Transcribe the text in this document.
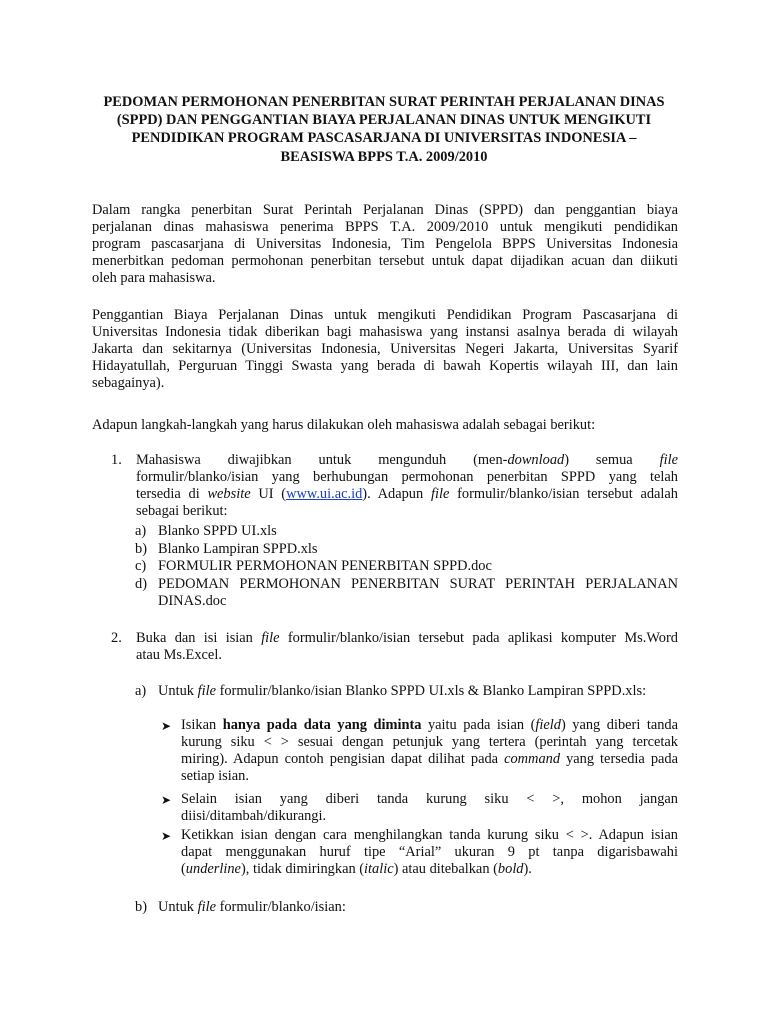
PEDOMAN PERMOHONAN PENERBITAN SURAT PERINTAH PERJALANAN DINAS
(SPPD) DAN PENGGANTIAN BIAYA PERJALANAN DINAS UNTUK MENGIKUTI
PENDIDIKAN PROGRAM PASCASARJANA DI UNIVERSITAS INDONESIA –
BEASISWA BPPS T.A. 2009/2010
Dalam rangka penerbitan Surat Perintah Perjalanan Dinas (SPPD) dan penggantian biaya
perjalanan dinas mahasiswa penerima BPPS T.A. 2009/2010 untuk mengikuti pendidikan
program pascasarjana di Universitas Indonesia, Tim Pengelola BPPS Universitas Indonesia
menerbitkan pedoman permohonan penerbitan tersebut untuk dapat dijadikan acuan dan diikuti
oleh para mahasiswa.
Penggantian Biaya Perjalanan Dinas untuk mengikuti Pendidikan Program Pascasarjana di
Universitas Indonesia tidak diberikan bagi mahasiswa yang instansi asalnya berada di wilayah
Jakarta dan sekitarnya (Universitas Indonesia, Universitas Negeri Jakarta, Universitas Syarif
Hidayatullah, Perguruan Tinggi Swasta yang berada di bawah Kopertis wilayah III, dan lain
sebagainya).
Adapun langkah-langkah yang harus dilakukan oleh mahasiswa adalah sebagai berikut:
1. Mahasiswa diwajibkan untuk mengunduh (men-download) semua file
formulir/blanko/isian yang berhubungan permohonan penerbitan SPPD yang telah
tersedia di website UI (www.ui.ac.id). Adapun file formulir/blanko/isian tersebut adalah
sebagai berikut:
a) Blanko SPPD UI.xls
b) Blanko Lampiran SPPD.xls
c) FORMULIR PERMOHONAN PENERBITAN SPPD.doc
d) PEDOMAN PERMOHONAN PENERBITAN SURAT PERINTAH PERJALANAN
DINAS.doc
2. Buka dan isi isian file formulir/blanko/isian tersebut pada aplikasi komputer Ms.Word
atau Ms.Excel.
a) Untuk file formulir/blanko/isian Blanko SPPD UI.xls & Blanko Lampiran SPPD.xls:
➤ Isikan hanya pada data yang diminta yaitu pada isian (field) yang diberi tanda
kurung siku < > sesuai dengan petunjuk yang tertera (perintah yang tercetak
miring). Adapun contoh pengisian dapat dilihat pada command yang tersedia pada
setiap isian.
➤ Selain isian yang diberi tanda kurung siku < >, mohon jangan
diisi/ditambah/dikurangi.
➤ Ketikkan isian dengan cara menghilangkan tanda kurung siku < >. Adapun isian
dapat menggunakan huruf tipe “Arial” ukuran 9 pt tanpa digarisbawahi
(underline), tidak dimiringkan (italic) atau ditebalkan (bold).
b) Untuk file formulir/blanko/isian:
